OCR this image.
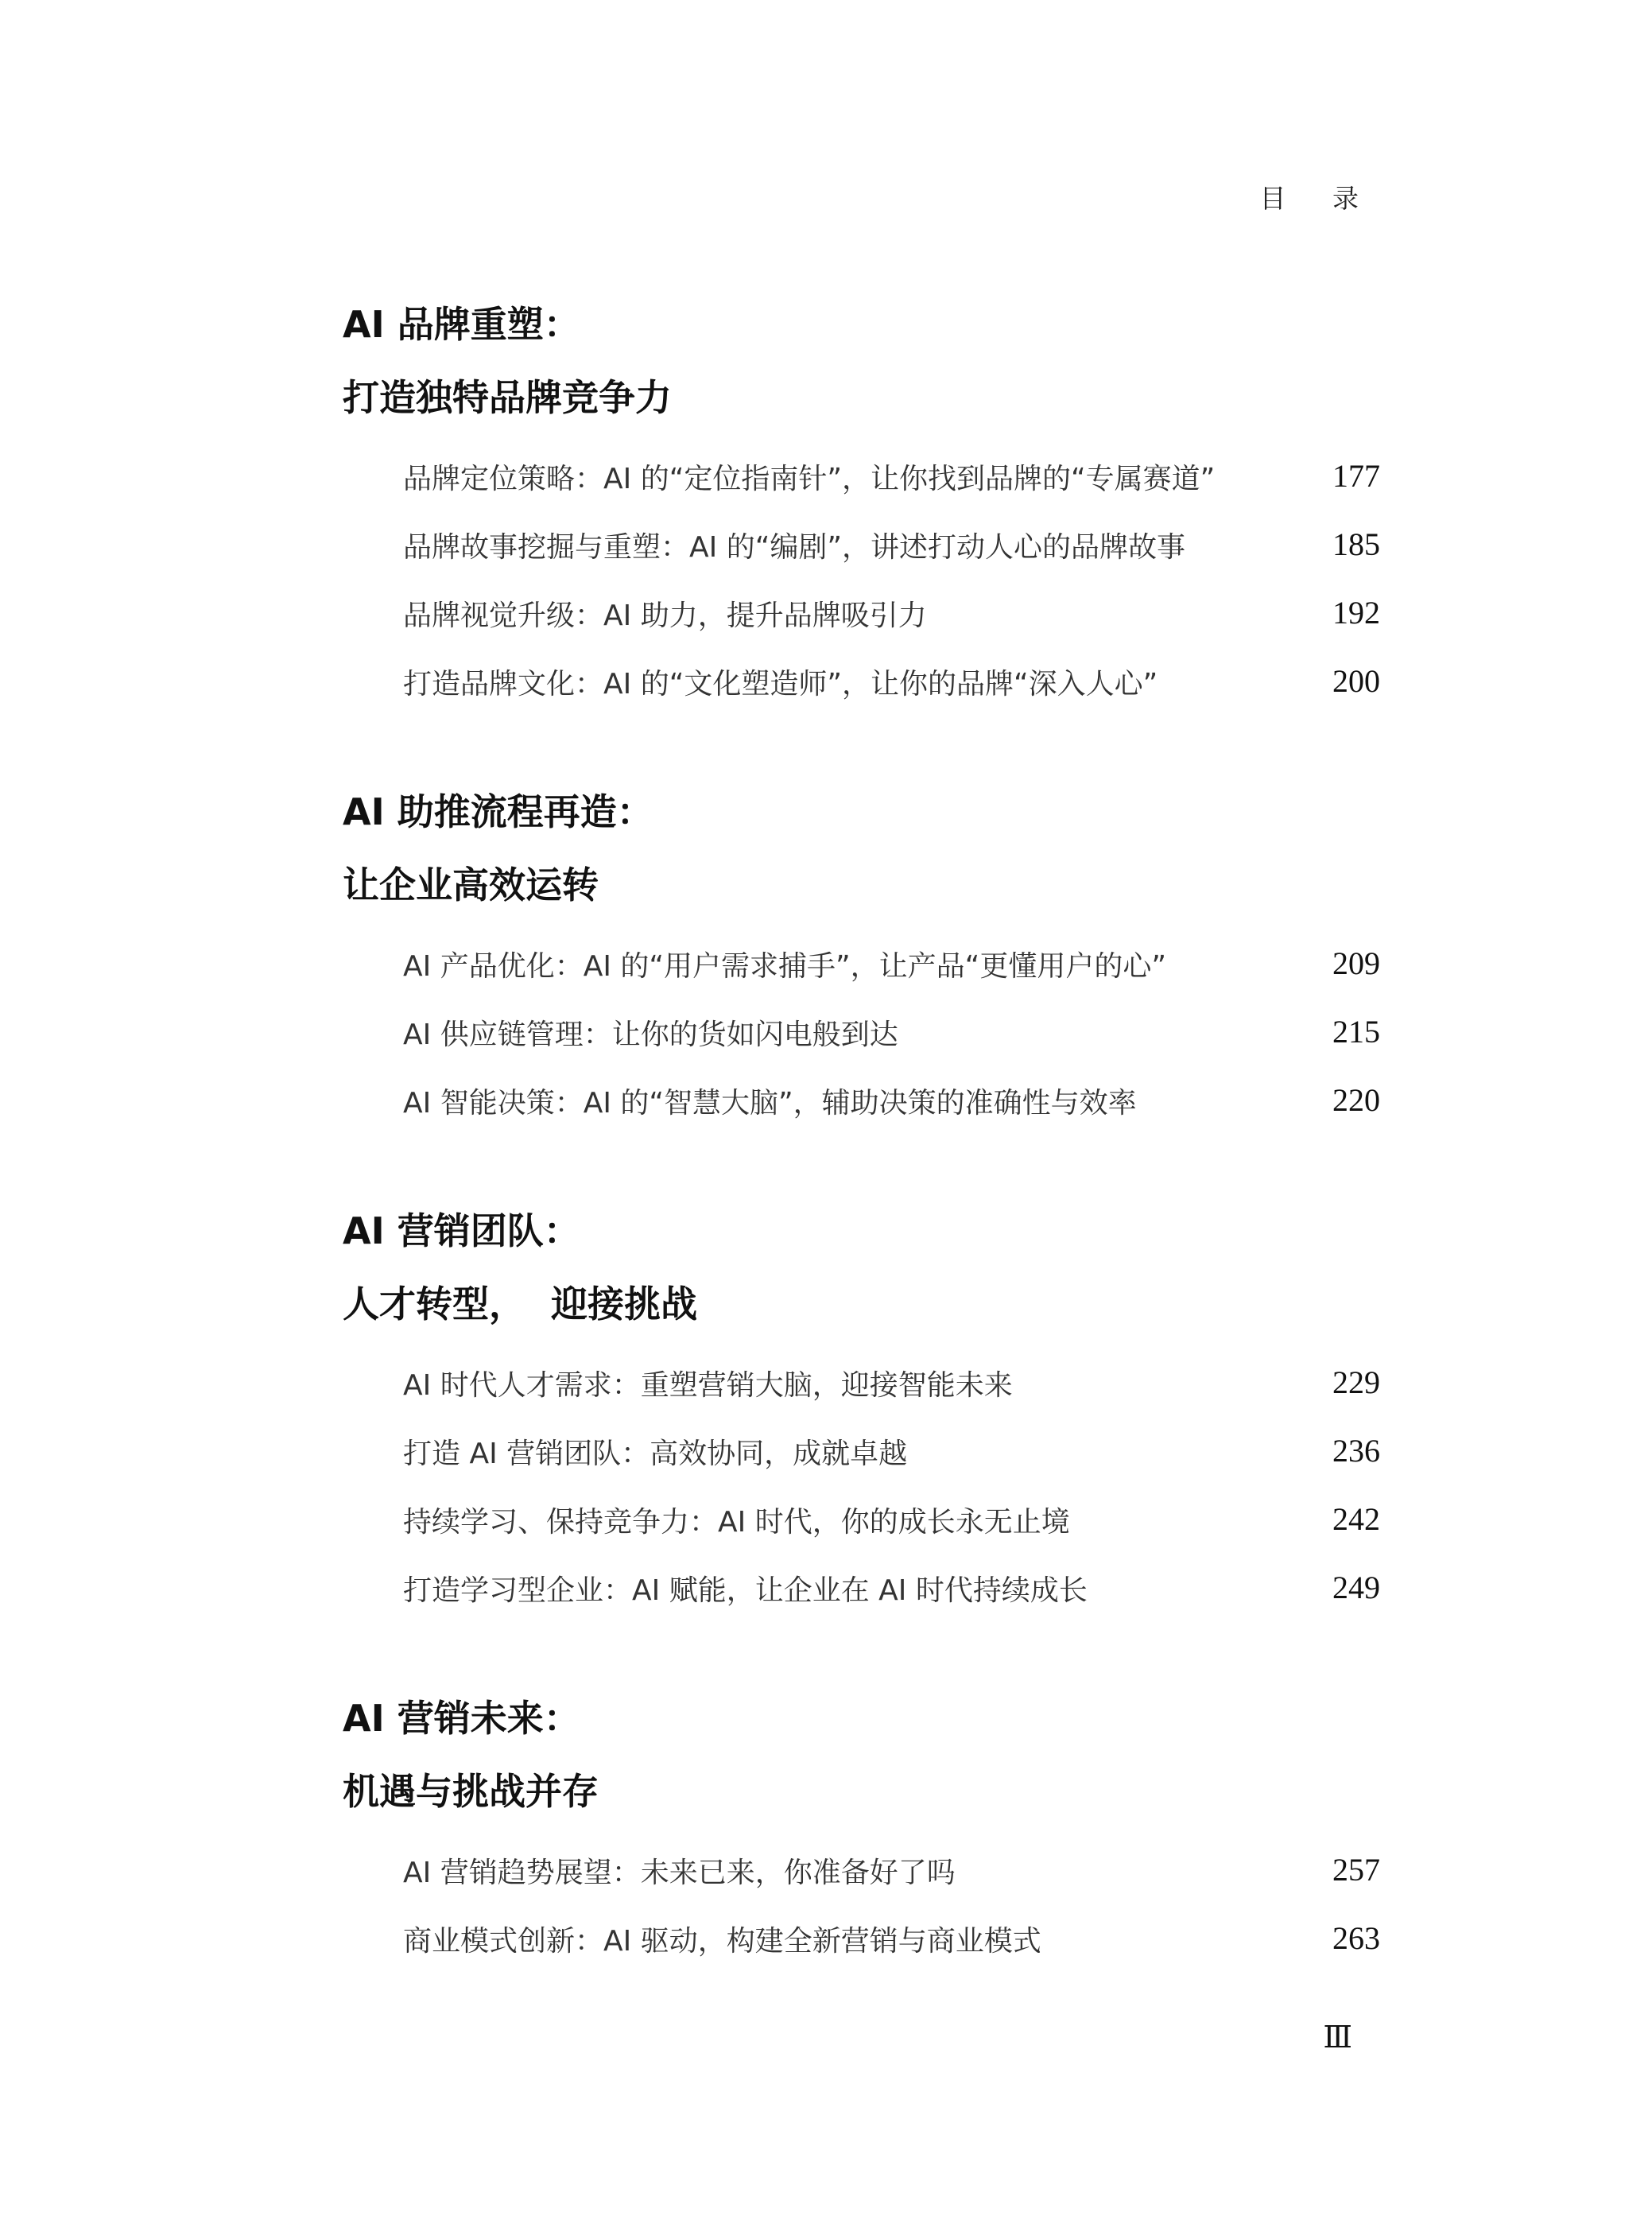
目 录
AI 品牌重塑：
打造独特品牌竞争力
品牌定位策略：AI 的“定位指南针”，让你找到品牌的“专属赛道”	177
品牌故事挖掘与重塑：AI 的“编剧”，讲述打动人心的品牌故事	185
品牌视觉升级：AI 助力，提升品牌吸引力	192
打造品牌文化：AI 的“文化塑造师”，让你的品牌“深入人心”	200
AI 助推流程再造：
让企业高效运转
AI 产品优化：AI 的“用户需求捕手”，让产品“更懂用户的心”	209
AI 供应链管理：让你的货如闪电般到达	215
AI 智能决策：AI 的“智慧大脑”，辅助决策的准确性与效率	220
AI 营销团队：
人才转型，  迎接挑战
AI 时代人才需求：重塑营销大脑，迎接智能未来	229
打造 AI 营销团队：高效协同，成就卓越	236
持续学习、保持竞争力：AI 时代，你的成长永无止境	242
打造学习型企业：AI 赋能，让企业在 AI 时代持续成长	249
AI 营销未来：
机遇与挑战并存
AI 营销趋势展望：未来已来，你准备好了吗	257
商业模式创新：AI 驱动，构建全新营销与商业模式	263
Ⅲ
